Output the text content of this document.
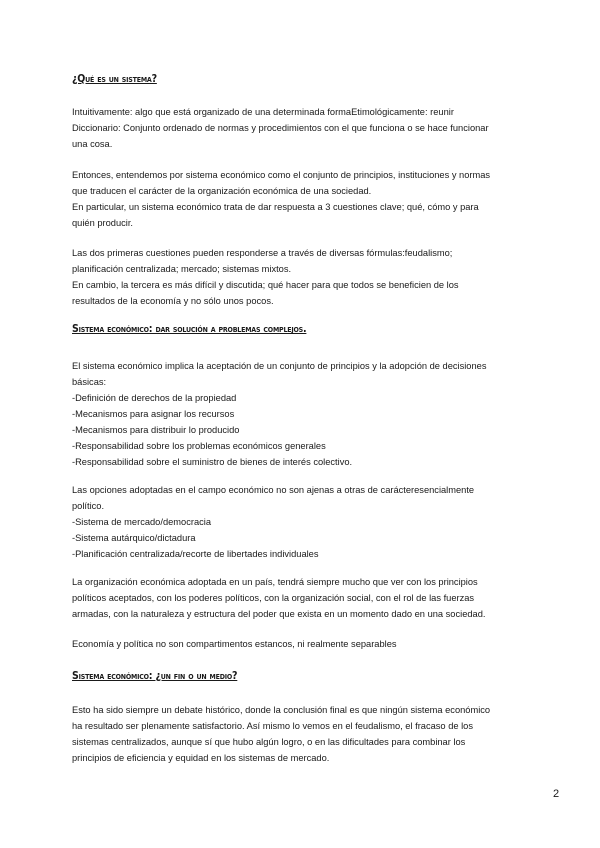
¿Qué es un sistema?

Intuitivamente: algo que está organizado de una determinada formaEtimológicamente: reunir
Diccionario: Conjunto ordenado de normas y procedimientos con el que funciona o se hace funcionar
una cosa.

Entonces, entendemos por sistema económico como el conjunto de principios, instituciones y normas
que traducen el carácter de la organización económica de una sociedad.
En particular, un sistema económico trata de dar respuesta a 3 cuestiones clave; qué, cómo y para
quién producir.

Las dos primeras cuestiones pueden responderse a través de diversas fórmulas:feudalismo;
planificación centralizada; mercado; sistemas mixtos.
En cambio, la tercera es más difícil y discutida; qué hacer para que todos se beneficien de los
resultados de la economía y no sólo unos pocos.

Sistema económico: dar solución a problemas complejos.

El sistema económico implica la aceptación de un conjunto de principios y la adopción de decisiones
básicas:
-Definición de derechos de la propiedad
-Mecanismos para asignar los recursos
-Mecanismos para distribuir lo producido
-Responsabilidad sobre los problemas económicos generales
-Responsabilidad sobre el suministro de bienes de interés colectivo.

Las opciones adoptadas en el campo económico no son ajenas a otras de carácteresencialmente
político.
-Sistema de mercado/democracia
-Sistema autárquico/dictadura
-Planificación centralizada/recorte de libertades individuales

La organización económica adoptada en un país, tendrá siempre mucho que ver con los principios
políticos aceptados, con los poderes políticos, con la organización social, con el rol de las fuerzas
armadas, con la naturaleza y estructura del poder que exista en un momento dado en una sociedad.

Economía y política no son compartimentos estancos, ni realmente separables

Sistema económico: ¿un fin o un medio?

Esto ha sido siempre un debate histórico, donde la conclusión final es que ningún sistema económico
ha resultado ser plenamente satisfactorio. Así mismo lo vemos en el feudalismo, el fracaso de los
sistemas centralizados, aunque sí que hubo algún logro, o en las dificultades para combinar los
principios de eficiencia y equidad en los sistemas de mercado.

2
